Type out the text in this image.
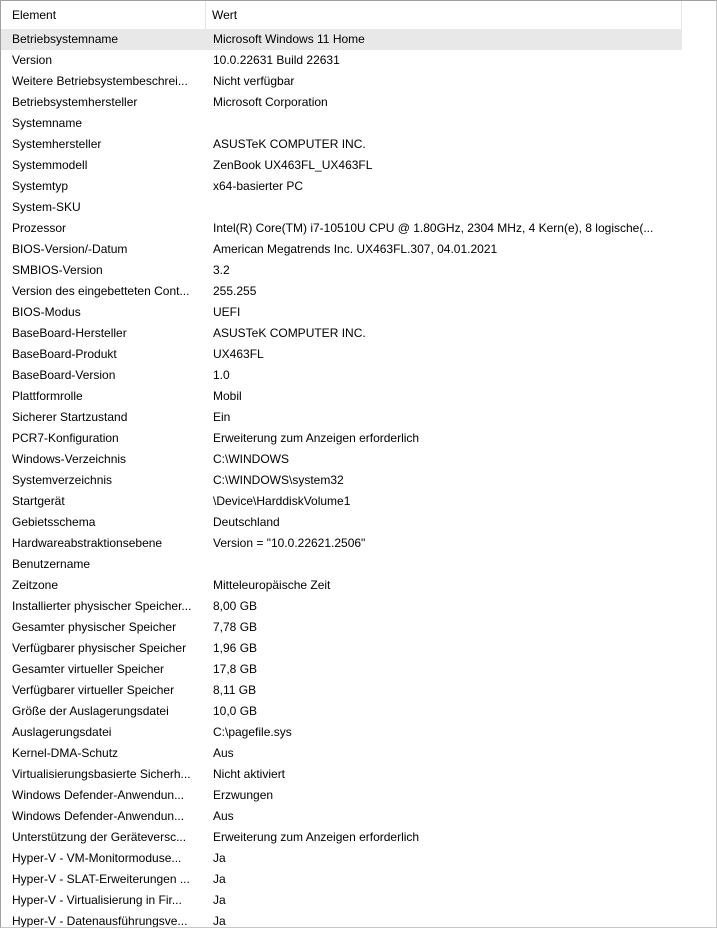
Element	Wert
Betriebsystemname	Microsoft Windows 11 Home
Version	10.0.22631 Build 22631
Weitere Betriebsystembeschrei...	Nicht verfügbar
Betriebsystemhersteller	Microsoft Corporation
Systemname
Systemhersteller	ASUSTeK COMPUTER INC.
Systemmodell	ZenBook UX463FL_UX463FL
Systemtyp	x64-basierter PC
System-SKU
Prozessor	Intel(R) Core(TM) i7-10510U CPU @ 1.80GHz, 2304 MHz, 4 Kern(e), 8 logische(...
BIOS-Version/-Datum	American Megatrends Inc. UX463FL.307, 04.01.2021
SMBIOS-Version	3.2
Version des eingebetteten Cont...	255.255
BIOS-Modus	UEFI
BaseBoard-Hersteller	ASUSTeK COMPUTER INC.
BaseBoard-Produkt	UX463FL
BaseBoard-Version	1.0
Plattformrolle	Mobil
Sicherer Startzustand	Ein
PCR7-Konfiguration	Erweiterung zum Anzeigen erforderlich
Windows-Verzeichnis	C:\WINDOWS
Systemverzeichnis	C:\WINDOWS\system32
Startgerät	\Device\HarddiskVolume1
Gebietsschema	Deutschland
Hardwareabstraktionsebene	Version = "10.0.22621.2506"
Benutzername
Zeitzone	Mitteleuropäische Zeit
Installierter physischer Speicher...	8,00 GB
Gesamter physischer Speicher	7,78 GB
Verfügbarer physischer Speicher	1,96 GB
Gesamter virtueller Speicher	17,8 GB
Verfügbarer virtueller Speicher	8,11 GB
Größe der Auslagerungsdatei	10,0 GB
Auslagerungsdatei	C:\pagefile.sys
Kernel-DMA-Schutz	Aus
Virtualisierungsbasierte Sicherh...	Nicht aktiviert
Windows Defender-Anwendun...	Erzwungen
Windows Defender-Anwendun...	Aus
Unterstützung der Geräteversc...	Erweiterung zum Anzeigen erforderlich
Hyper-V - VM-Monitormoduse...	Ja
Hyper-V - SLAT-Erweiterungen ...	Ja
Hyper-V - Virtualisierung in Fir...	Ja
Hyper-V - Datenausführungsve...	Ja
